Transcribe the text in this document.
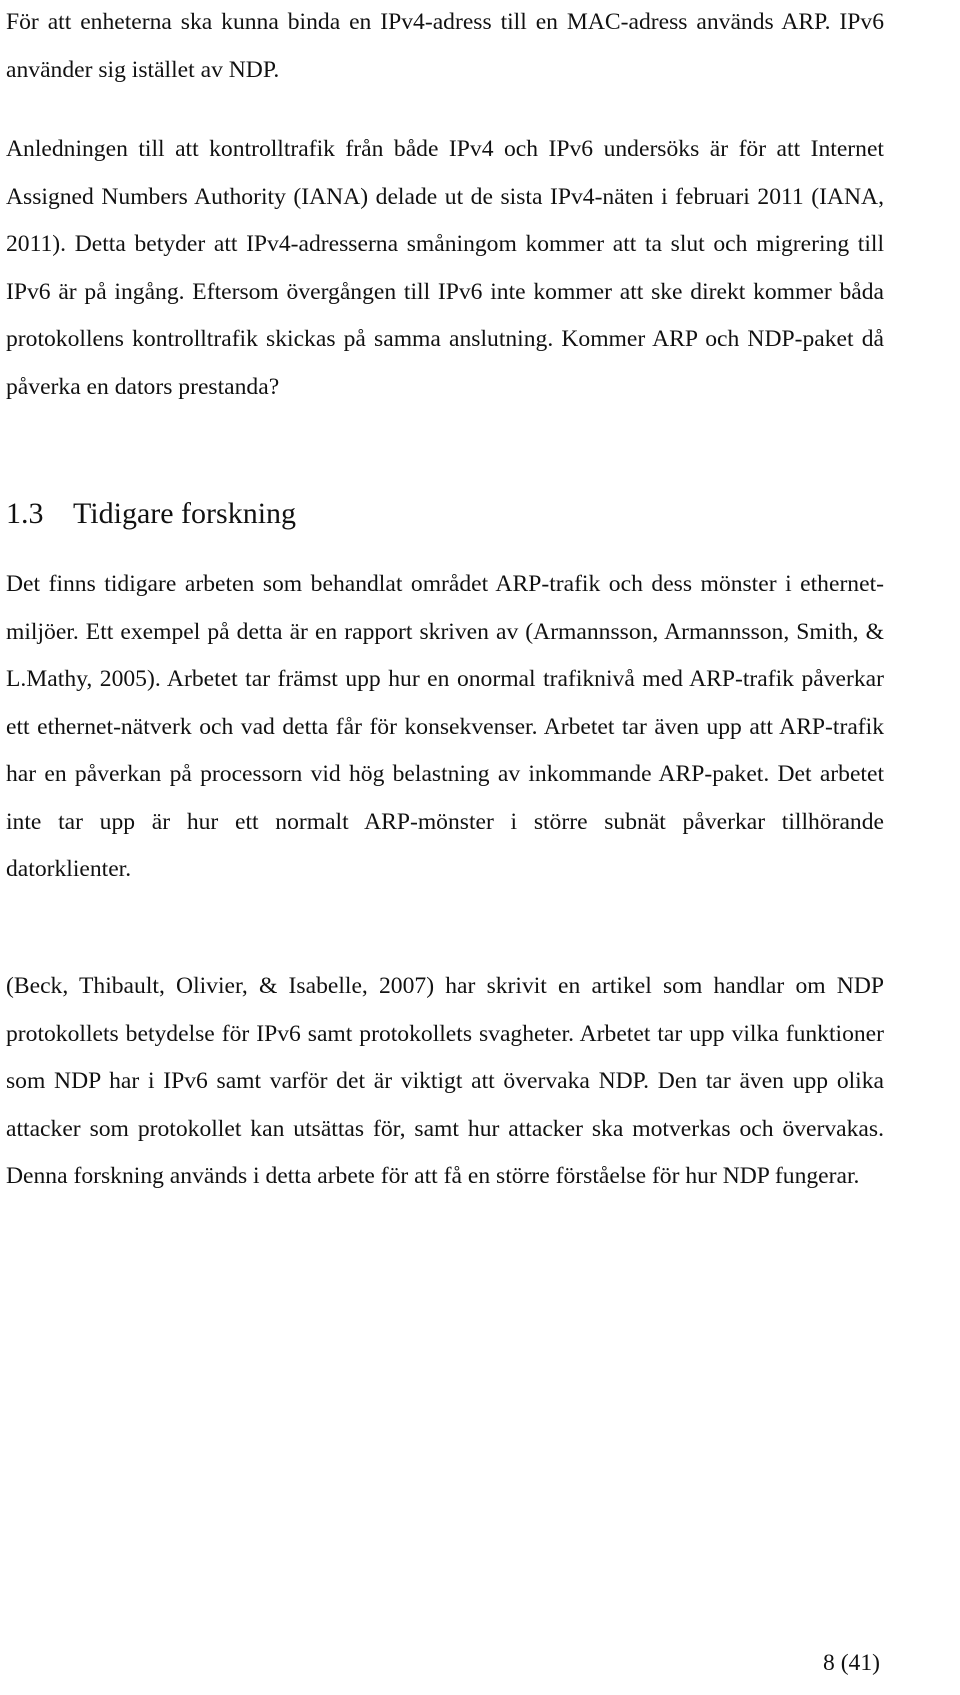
För att enheterna ska kunna binda en IPv4-adress till en MAC-adress används ARP. IPv6 använder sig istället av NDP.

Anledningen till att kontrolltrafik från både IPv4 och IPv6 undersöks är för att Internet Assigned Numbers Authority (IANA) delade ut de sista IPv4-näten i februari 2011 (IANA, 2011). Detta betyder att IPv4-adresserna småningom kommer att ta slut och migrering till IPv6 är på ingång. Eftersom övergången till IPv6 inte kommer att ske direkt kommer båda protokollens kontrolltrafik skickas på samma anslutning. Kommer ARP och NDP-paket då påverka en dators prestanda?

1.3 Tidigare forskning

Det finns tidigare arbeten som behandlat området ARP-trafik och dess mönster i ethernet-miljöer. Ett exempel på detta är en rapport skriven av (Armannsson, Armannsson, Smith, & L.Mathy, 2005). Arbetet tar främst upp hur en onormal trafiknivå med ARP-trafik påverkar ett ethernet-nätverk och vad detta får för konsekvenser. Arbetet tar även upp att ARP-trafik har en påverkan på processorn vid hög belastning av inkommande ARP-paket. Det arbetet inte tar upp är hur ett normalt ARP-mönster i större subnät påverkar tillhörande datorklienter.

(Beck, Thibault, Olivier, & Isabelle, 2007) har skrivit en artikel som handlar om NDP protokollets betydelse för IPv6 samt protokollets svagheter. Arbetet tar upp vilka funktioner som NDP har i IPv6 samt varför det är viktigt att övervaka NDP. Den tar även upp olika attacker som protokollet kan utsättas för, samt hur attacker ska motverkas och övervakas. Denna forskning används i detta arbete för att få en större förståelse för hur NDP fungerar.

8 (41)
